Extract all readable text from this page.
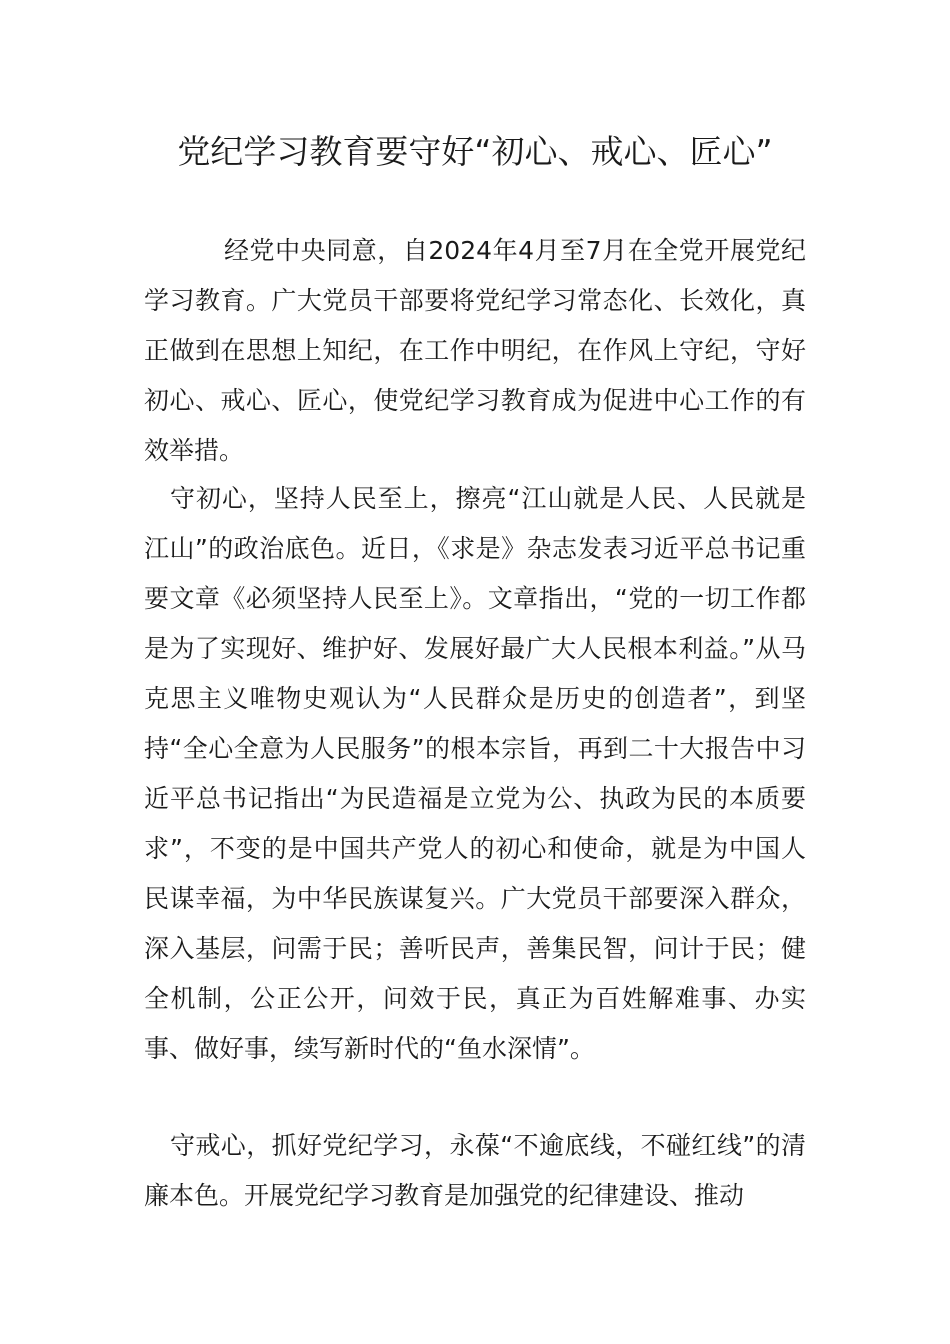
党纪学习教育要守好“初心、戒心、匠心”

经党中央同意，自2024年4月至7月在全党开展党纪学习教育。广大党员干部要将党纪学习常态化、长效化，真正做到在思想上知纪，在工作中明纪，在作风上守纪，守好初心、戒心、匠心，使党纪学习教育成为促进中心工作的有效举措。

守初心，坚持人民至上，擦亮“江山就是人民、人民就是江山”的政治底色。近日，《求是》杂志发表习近平总书记重要文章《必须坚持人民至上》。文章指出，“党的一切工作都是为了实现好、维护好、发展好最广大人民根本利益。”从马克思主义唯物史观认为“人民群众是历史的创造者”，到坚持“全心全意为人民服务”的根本宗旨，再到二十大报告中习近平总书记指出“为民造福是立党为公、执政为民的本质要求”，不变的是中国共产党人的初心和使命，就是为中国人民谋幸福，为中华民族谋复兴。广大党员干部要深入群众，深入基层，问需于民；善听民声，善集民智，问计于民；健全机制，公正公开，问效于民，真正为百姓解难事、办实事、做好事，续写新时代的“鱼水深情”。

守戒心，抓好党纪学习，永葆“不逾底线，不碰红线”的清廉本色。开展党纪学习教育是加强党的纪律建设、推动
